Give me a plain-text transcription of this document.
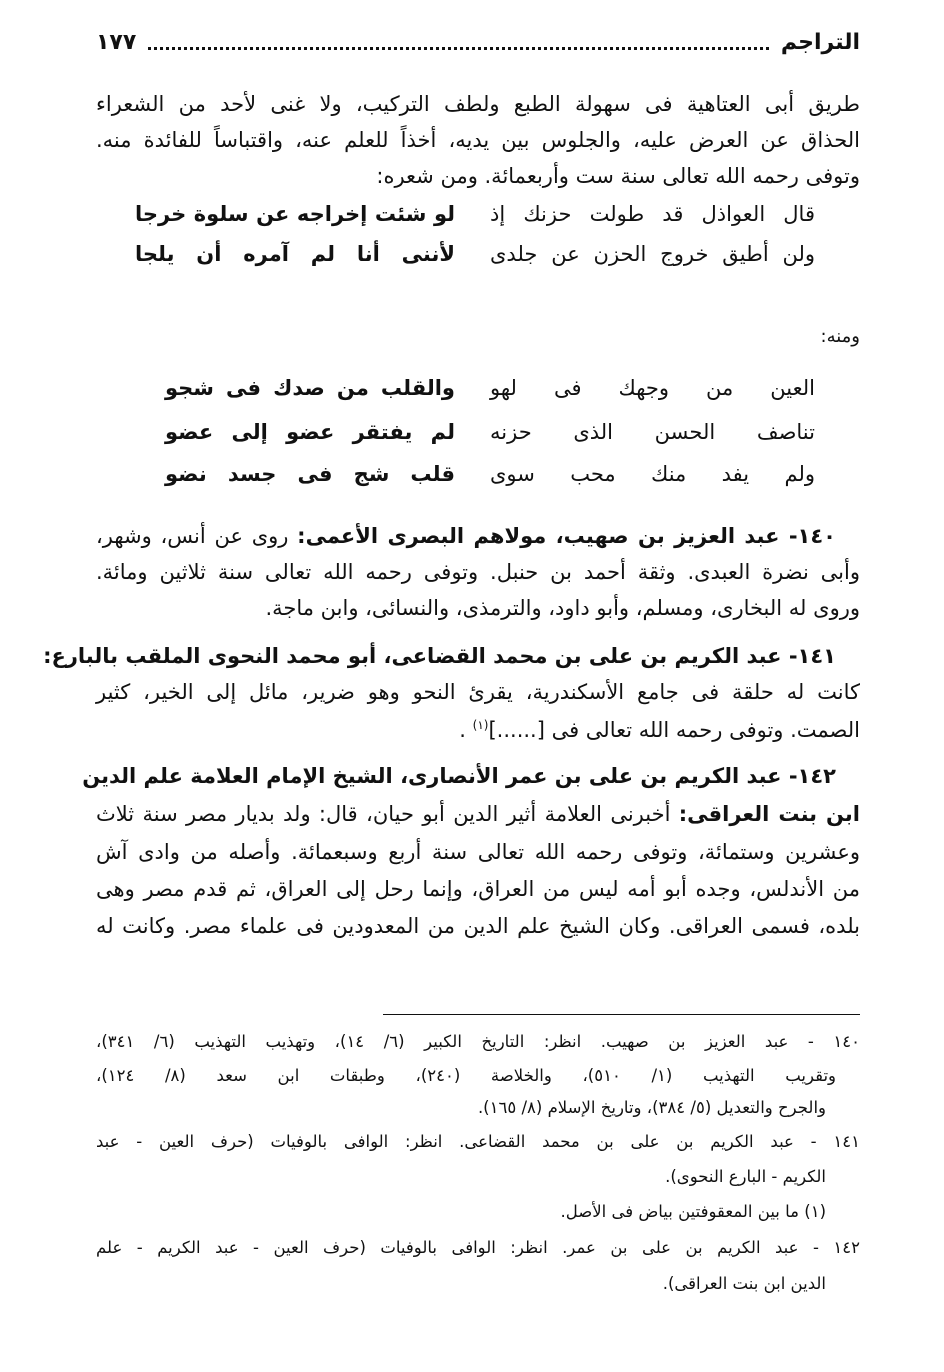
التراجم
١٧٧
طريق أبى العتاهية فى سهولة الطبع ولطف التركيب، ولا غنى لأحد من الشعراء
الحذاق عن العرض عليه، والجلوس بين يديه، أخذاً للعلم عنه، واقتباساً للفائدة منه.
وتوفى رحمه الله تعالى سنة ست وأربعمائة. ومن شعره:
قال العواذل قد طولت حزنك إذ
لو شئت إخراجه عن سلوة خرجا
ولن أطيق خروج الحزن عن جلدى
لأننى أنا لم آمره أن يلجا
ومنه:
العين من وجهك فى لهو
والقلب من صدك فى شجو
تناصف الحسن الذى حزنه
لم يفتقر عضو إلى عضو
ولم يفد منك محب سوى
قلب شج فى جسد نضو
١٤٠- عبد العزيز بن صهيب، مولاهم البصرى الأعمى: روى عن أنس، وشهر،
وأبى نضرة العبدى. وثقة أحمد بن حنبل. وتوفى رحمه الله تعالى سنة ثلاثين ومائة.
وروى له البخارى، ومسلم، وأبو داود، والترمذى، والنسائى، وابن ماجة.
١٤١- عبد الكريم بن على بن محمد القضاعى، أبو محمد النحوى الملقب بالبارع:
كانت له حلقة فى جامع الأسكندرية، يقرئ النحو وهو ضرير، مائل إلى الخير، كثير
الصمت. وتوفى رحمه الله تعالى فى [......]$^{(١)}$ .
١٤٢- عبد الكريم بن على بن عمر الأنصارى، الشيخ الإمام العلامة علم الدين
ابن بنت العراقى: أخبرنى العلامة أثير الدين أبو حيان، قال: ولد بديار مصر سنة ثلاث
وعشرين وستمائة، وتوفى رحمه الله تعالى سنة أربع وسبعمائة. وأصله من وادى آش
من الأندلس، وجده أبو أمه ليس من العراق، وإنما رحل إلى العراق، ثم قدم مصر وهى
بلده، فسمى العراقى. وكان الشيخ علم الدين من المعدودين فى علماء مصر. وكانت له
١٤٠ - عبد العزيز بن صهيب. انظر: التاريخ الكبير (٦/ ١٤)، وتهذيب التهذيب (٦/ ٣٤١)،
وتقريب التهذيب (١/ ٥١٠)، والخلاصة (٢٤٠)، وطبقات ابن سعد (٨/ ١٢٤)،
والجرح والتعديل (٥/ ٣٨٤)، وتاريخ الإسلام (٨/ ١٦٥).
١٤١ - عبد الكريم بن على بن محمد القضاعى. انظر: الوافى بالوفيات (حرف العين - عبد
الكريم - البارع النحوى).
(١) ما بين المعقوفتين بياض فى الأصل.
١٤٢ - عبد الكريم بن على بن عمر. انظر: الوافى بالوفيات (حرف العين - عبد الكريم - علم
الدين ابن بنت العراقى).
